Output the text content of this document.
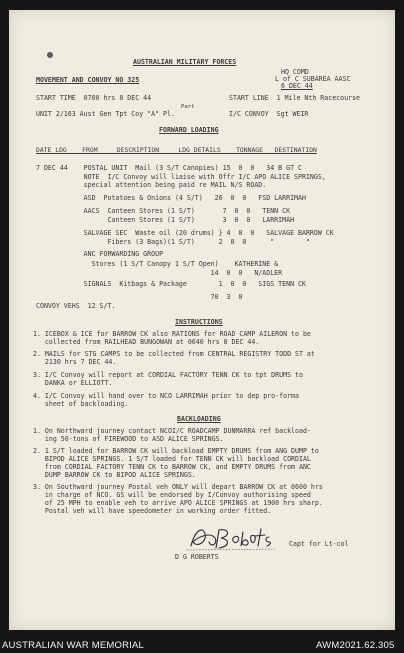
AUSTRALIAN MILITARY FORCES
HQ COMD
L of C SUBAREA AASC
6 DEC 44
MOVEMENT AND CONVOY NO 325
START TIME  0700 hrs 8 DEC 44	START LINE  1 Mile Nth Racecourse
Part
UNIT 2/163 Aust Gen Tpt Coy "A" Pl.	I/C CONVOY  Sgt WEIR
FORWARD LOADING
DATE LDG    FROM     DESCRIPTION     LDG DETAILS    TONNAGE   DESTINATION
7 DEC 44    POSTAL UNIT  Mail (3 S/T Canopies) 15  0  0   34 B GT C
NOTE  I/C Convoy will liaise with Offr I/C APO ALICE SPRINGS,
special attention being paid re MAIL N/S ROAD.
ASD  Potatoes & Onions (4 S/T)   26  0  0   FSD LARRIMAH
AACS  Canteen Stores (1 S/T)       7  0  0   TENN CK
Canteen Stores (1 S/T)       3  0  0   LARRIMAH
SALVAGE SEC  Waste oil (20 drums) } 4  0  0   SALVAGE BARROW CK
Fibers (3 Bags)(1 S/T)      2  0  0      "        "
ANC FORWARDING GROUP
Stores (1 S/T Canopy 1 S/T Open)    KATHERINE &
14  0  0   N/ADLER
SIGNALS  Kitbags & Package        1  0  0   SIGS TENN CK
70  3  0
CONVOY VEHS  12 S/T.
INSTRUCTIONS
1. ICEBOX & ICE for BARROW CK also RATIONS for ROAD CAMP AILERON to be
collected from RAILHEAD BUNGOWAN at 0640 hrs 8 DEC 44.
2. MAILS for STG CAMPS to be collected from CENTRAL REGISTRY TODD ST at
2130 hrs 7 DEC 44.
3. I/C Convoy will report at CORDIAL FACTORY TENN CK to tpt DRUMS to
DANKA or ELLIOTT.
4. I/C Convoy will hand over to NCO LARRIMAH prior to dep pro-forma
sheet of backloading.
BACKLOADING
1. On Northward journey contact NCOI/C ROADCAMP DUNMARRA ref backload-
ing 50-tons of FIREWOOD to ASD ALICE SPRINGS.
2. 1 S/T loaded for BARROW CK will backload EMPTY DRUMS from ANG DUMP to
BIPOD ALICE SPRINGS. 1 S/T loaded for TENN CK will backload CORDIAL
from CORDIAL FACTORY TENN CK to BARROW CK, and EMPTY DRUMS from ANC
DUMP BARROW CK to BIPOD ALICE SPRINGS.
3. On Southward journey Postal veh ONLY will depart BARROW CK at 0600 hrs
in charge of NCO. GS will be endorsed by I/Convoy authorising speed
of 25 MPH to enable veh to arrive APO ALICE SPRINGS at 1900 hrs sharp.
Postal veh will have speedometer in working order fitted.
Capt for Lt-col
D G ROBERTS
AUSTRALIAN WAR MEMORIAL	AWM2021.62.305
